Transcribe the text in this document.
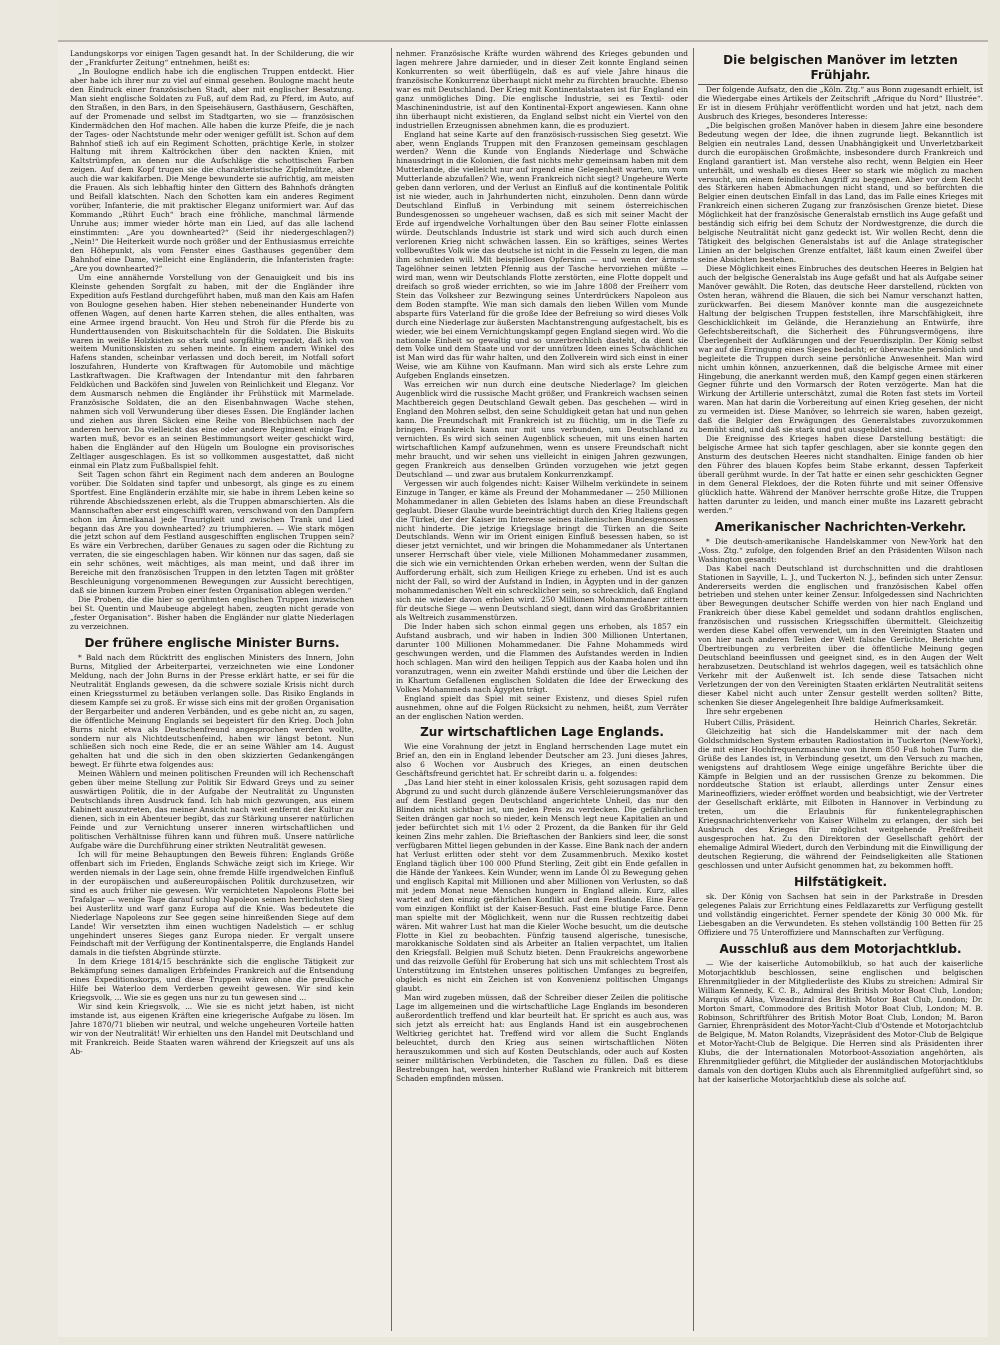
Landungskorps vor einigen Tagen gesandt hat. In der Schilderung, die wir der „Frankfurter Zeitung“ entnehmen, heißt es:

„In Boulogne endlich habe ich die englischen Truppen entdeckt. Hier aber habe ich ihrer nur zu viel auf einmal gesehen. Boulogne macht heute den Eindruck einer französischen Stadt, aber mit englischer Besatzung. Man sieht englische Soldaten zu Fuß, auf dem Rad, zu Pferd, im Auto, auf den Straßen, in den Bars, in den Speisehäusern, Gasthäusern, Geschäften, auf der Promenade und selbst im Stadtgarten, wo sie — französischen Kindermädchen den Hof machen. Alle haben die kurze Pfeife, die je nach der Tages- oder Nachtstunde mehr oder weniger gefüllt ist. Schon auf dem Bahnhof stieß ich auf ein Regiment Schotten, prächtige Kerle, in stolzer Haltung mit ihrem Kaltröckchen über den nackten Knien, mit Kaltstrümpfen, an denen nur die Aufschläge die schottischen Farben zeigen. Auf dem Kopf trugen sie die charakteristische Zipfelmütze, aber auch die war kakifarben. Die Menge bewunderte sie aufrichtig, am meisten die Frauen. Als sich lebhaftig hinter den Gittern des Bahnhofs drängten und Beifall klatschten. Nach den Schotten kam ein anderes Regiment vorüber, Infanterie, die mit praktischer Eleganz uniformiert war. Auf das Kommando „Rührt Euch“ brach eine fröhliche, manchmal lärmende Unruhe aus; immer wieder hörte man ein Lied, auf das alle lachend einstimmten: „Are you downhearted?“ (Seid ihr niedergeschlagen?) „Nein!“ Die Heiterkeit wurde noch größer und der Enthusiasmus erreichte den Höhepunkt, als vom Fenster eines Gasthauses gegenüber dem Bahnhof eine Dame, vielleicht eine Engländerin, die Infanteristen fragte: „Are you downhearted?“

Um eine annähernde Vorstellung von der Genauigkeit und bis ins Kleinste gehenden Sorgfalt zu haben, mit der die Engländer ihre Expedition aufs Festland durchgeführt haben, muß man den Kais am Hafen von Boulogne gesehen haben. Hier stehen nebeneinander Hunderte von offenen Wagen, auf denen harte Karren stehen, die alles enthalten, was eine Armee irgend braucht. Von Heu und Stroh für die Pferde bis zu Hunderttausenden von Biskuitschachteln für die Soldaten. Die Biskuits waren in weiße Holzkisten so stark und sorgfältig verpackt, daß ich von weitem Munitionskisten zu sehen meinte. In einem andern Winkel des Hafens standen, scheinbar verlassen und doch bereit, im Notfall sofort loszufahren, Hunderte von Kraftwagen für Automobile und mächtige Lastkraftwagen. Die Kraftwagen der Intendantur mit den fahrbaren Feldküchen und Backöfen sind Juwelen von Reinlichkeit und Eleganz. Vor dem Ausmarsch nehmen die Engländer ihr Frühstück mit Marmelade. Französische Soldaten, die an den Eisenbahnwagen Wache stehen, nahmen sich voll Verwunderung über dieses Essen. Die Engländer lachen und ziehen aus ihren Säcken eine Reihe von Blechbüchsen nach der anderen hervor. Da vielleicht das eine oder andere Regiment einige Tage warten muß, bevor es an seinen Bestimmungsort weiter geschickt wird, haben die Engländer auf den Hügeln um Boulogne ein provisorisches Zeltlager ausgeschlagen. Es ist so vollkommen ausgestattet, daß nicht einmal ein Platz zum Fußballspiel fehlt.

Seit Tagen schon fährt ein Regiment nach dem anderen an Boulogne vorüber. Die Soldaten sind tapfer und unbesorgt, als ginge es zu einem Sportfest. Eine Engländerin erzählte mir, sie habe in ihrem Leben keine so rührende Abschiedsszenen erlebt, als die Truppen abmarschierten. Als die Mannschaften aber erst eingeschifft waren, verschwand von den Dampfern schon im Ärmelkanal jede Traurigkeit und zwischen Trank und Lied begann das Are you downhearted? zu triumphieren. — Wie stark mögen die jetzt schon auf dem Festland ausgeschifften englischen Truppen sein? Es wäre ein Verbrechen, darüber Genaues zu sagen oder die Richtung zu verraten, die sie eingeschlagen haben. Wir können nur das sagen, daß sie ein sehr schönes, weit mächtiges, als man meint, und daß ihrer im Bereiche mit den französischen Truppen in den letzten Tagen mit größter Beschleunigung vorgenommenen Bewegungen zur Aussicht berechtigen, daß sie binnen kurzem Proben einer festen Organisation ablegen werden.“

Die Proben, die die hier so gerühmten englischen Truppen inzwischen bei St. Quentin und Maubeuge abgelegt haben, zeugten nicht gerade von „fester Organisation“. Bisher haben die Engländer nur glatte Niederlagen zu verzeichnen.

Der frühere englische Minister Burns.

* Bald nach dem Rücktritt des englischen Ministers des Innern, John Burns, Mitglied der Arbeiterpartei, verzeichneten wie eine Londoner Meldung, nach der John Burns in der Presse erklärt hatte, er sei für die Neutralität Englands gewesen, da die schwere soziale Krisis nicht durch einen Kriegssturmel zu betäuben verlangen solle. Das Risiko Englands in diesem Kampfe sei zu groß. Er wisse sich eins mit der großen Organisation der Bergarbeiter und anderen Verbänden, und es gebe nicht an, zu sagen, die öffentliche Meinung Englands sei begeistert für den Krieg. Doch John Burns nicht etwa als Deutschenfreund angesprochen werden wollte, sondern nur als Nichtdeutschenfeind, haben wir längst betont. Nun schließen sich noch eine Rede, die er an seine Wähler am 14. August gehalten hat und die sich in den oben skizzierten Gedankengängen bewegt. Er führte etwa folgendes aus:

Meinen Wählern und meinen politischen Freunden will ich Rechenschaft geben über meine Stellung zur Politik Sir Edward Greys und zu seiner auswärtigen Politik, die in der Aufgabe der Neutralität zu Ungunsten Deutschlands ihren Ausdruck fand. Ich hab mich gezwungen, aus einem Kabinett auszutreten, das meiner Ansicht nach weit entfernt der Kultur zu dienen, sich in ein Abenteuer begibt, das zur Stärkung unserer natürlichen Feinde und zur Vernichtung unserer inneren wirtschaftlichen und politischen Verhältnisse führen kann und führen muß. Unsere natürliche Aufgabe wäre die Durchführung einer strikten Neutralität gewesen.

Ich will für meine Behauptungen den Beweis führen: Englands Größe offenbart sich im Frieden, Englands Schwäche zeigt sich im Kriege. Wir werden niemals in der Lage sein, ohne fremde Hilfe irgendwelchen Einfluß in der europäischen und außereuropäischen Politik durchzusetzen, wir sind es auch früher nie gewesen. Wir vernichteten Napoleons Flotte bei Trafalgar — wenige Tage darauf schlug Napoleon seinen herrlichsten Sieg bei Austerlitz und warf ganz Europa auf die Knie. Was bedeutete die Niederlage Napoleons zur See gegen seine hinreißenden Siege auf dem Lande! Wir versetzten ihm einen wuchtigen Nadelstich — er schlug ungehindert unseres Sieges ganz Europa nieder. Er vergalt unsere Feindschaft mit der Verfügung der Kontinentalsperre, die Englands Handel damals in die tiefsten Abgründe stürzte.

In dem Kriege 1814/15 beschränkte sich die englische Tätigkeit zur Bekämpfung seines damaligen Erbfeindes Frankreich auf die Entsendung eines Expeditionskorps, und diese Truppen wären ohne die preußische Hilfe bei Waterloo dem Verderben geweiht gewesen. Wir sind kein Kriegsvolk, ... Wie sie es gegen uns nur zu tun gewesen sind ...

Wir sind kein Kriegsvolk, ... Wie sie es nicht jetzt haben, ist nicht imstande ist, aus eigenen Kräften eine kriegerische Aufgabe zu lösen. Im Jahre 1870/71 blieben wir neutral, und welche ungeheuren Vorteile hatten wir von der Neutralität! Wir erhielten uns den Handel mit Deutschland und mit Frankreich. Beide Staaten waren während der Kriegszeit auf uns als Ab-

nehmer. Französische Kräfte wurden während des Krieges gebunden und lagen mehrere Jahre darnieder, und in dieser Zeit konnte England seinen Konkurrenten so weit überflügeln, daß es auf viele Jahre hinaus die französische Konkurrenz überhaupt nicht mehr zu fürchten brauchte. Ebenso war es mit Deutschland. Der Krieg mit Kontinentalstaaten ist für England ein ganz unmögliches Ding. Die englische Industrie, sei es Textil- oder Maschinenindustrie, ist auf den Kontinental-Export angewiesen. Kann ohne ihn überhaupt nicht existieren, da England selbst nicht ein Viertel von den industriellen Erzeugnissen abnehmen kann, die es produziert.

England hat seine Karte auf den französisch-russischen Sieg gesetzt. Wie aber, wenn Englands Truppen mit den Franzosen gemeinsam geschlagen werden? Wenn die Kunde von Englands Niederlage und Schwäche hinausdringt in die Kolonien, die fast nichts mehr gemeinsam haben mit dem Mutterlande, die vielleicht nur auf irgend eine Gelegenheit warten, um vom Mutterlande abzufallen? Wie, wenn Frankreich nicht siegt? Ungeheure Werte geben dann verloren, und der Verlust an Einfluß auf die kontinentale Politik ist nie wieder, auch in Jahrhunderten nicht, einzuholen. Denn dann würde Deutschland Einfluß in Verbindung mit seinem österreichischen Bundesgenossen so ungeheuer wachsen, daß es sich mit seiner Macht der Erde auf irgendwelche Vorhaltungen über den Bau seiner Flotte einlassen würde. Deutschlands Industrie ist stark und wird sich auch durch einen verlorenen Krieg nicht schwächen lassen. Ein so kräftiges, seines Wertes vollbewußtes Volk wie das deutsche ist nicht in die Fesseln zu legen, die man ihm schmieden will. Mit beispiellosen Opfersinn — und wenn der ärmste Tagelöhner seinen letzten Pfennig aus der Tasche hervorziehen müßte — wird man, wenn wir Deutschlands Flotte zerstörten, eine Flotte doppelt und dreifach so groß wieder errichten, so wie im Jahre 1808 der Freiherr vom Stein das Volksheer zur Bezwingung seines Unterdrückers Napoleon aus dem Boden stampfte. Wie man sich damals den lieben Willen vom Munde absparte fürs Vaterland für die große Idee der Befreiung so wird dieses Volk durch eine Niederlage zur äußersten Machtanstrengung aufgestachelt, bis es wieder, wie bei einem Vernichtungskampf gegen England siegen wird. Wo die nationale Einheit so gewaltig und so unzerbrechlich dasteht, da dient sie dem Volke und dem Staate und vor der unnützen Ideen eines Schwächlichen ist Man wird das für wahr halten, und den Zollverein wird sich einst in einer Weise, wie am Kühne von Kaufmann. Man wird sich als erste Lehre zum Aufgeben Englands einsetzen.

Was erreichen wir nun durch eine deutsche Niederlage? Im gleichen Augenblick wird die russische Macht größer, und Frankreich wachsen seinen Machtbereich gegen Deutschland Gewalt geben. Das geschehen — wird in England den Mohren selbst, den seine Schuldigkeit getan hat und nun gehen kann. Die Freundschaft mit Frankreich ist zu flüchtig, um in die Tiefe zu bringen. Frankreich kann nur mit uns verbunden, um Deutschland zu vernichten. Es wird sich seinen Augenblick scheuen, mit uns einen harten wirtschaftlichen Kampf aufzunehmen, wenn es unsere Freundschaft nicht mehr braucht, und wir sehen uns vielleicht in einigen Jahren gezwungen, gegen Frankreich aus denselben Gründen vorzugehen wie jetzt gegen Deutschland — und zwar aus brutalem Konkurrenzkampf.

Vergessen wir auch folgendes nicht: Kaiser Wilhelm verkündete in seinem Einzuge in Tanger, er käme als Freund der Mohammedaner — 250 Millionen Mohammedaner in allen Gebieten des Islams haben an diese Freundschaft geglaubt. Dieser Glaube wurde beeinträchtigt durch den Krieg Italiens gegen die Türkei, der der Kaiser im Interesse seines italienischen Bundesgenossen nicht hinderte. Die jetzige Kriegslage bringt die Türken an die Seite Deutschlands. Wenn wir im Orient einigen Einfluß besessen haben, so ist dieser jetzt vernichtet, und wir bringen die Mohammedaner als Untertanen unserer Herrschaft über viele, viele Millionen Mohammedaner zusammen, die sich wie ein vernichtenden Orkan erheben werden, wenn der Sultan die Aufforderung erhält, sich zum Heiligen Kriege zu erheben. Und ist es auch nicht der Fall, so wird der Aufstand in Indien, in Ägypten und in der ganzen mohammedanischen Welt ein schrecklicher sein, so schrecklich, daß England sich nie wieder davon erholen wird. 250 Millionen Mohammedaner zittern für deutsche Siege — wenn Deutschland siegt, dann wird das Großbritannien als Weltreich zusammenstürzen.

Die Inder haben sich schon einmal gegen uns erhoben, als 1857 ein Aufstand ausbrach, und wir haben in Indien 300 Millionen Untertanen, darunter 100 Millionen Mohammedaner. Die Fahne Mohammeds wird geschwungen werden, und die Flammen des Aufstandes werden in Indien hoch schlagen. Man wird den heiligen Teppich aus der Kaaba holen und ihn voranzutragen, wenn ein zweiter Mahdi erstünde und über die Leichen der in Khartum Gefallenen englischen Soldaten die Idee der Erweckung des Volkes Mohammeds nach Ägypten trägt.

England spielt das Spiel mit seiner Existenz, und dieses Spiel rufen ausnehmen, ohne auf die Folgen Rücksicht zu nehmen, heißt, zum Verräter an der englischen Nation werden.

Zur wirtschaftlichen Lage Englands.

Wie eine Vorahnung der jetzt in England herrschenden Lage mutet ein Brief an, den ein in England lebender Deutscher am 23. Juni dieses Jahres, also 6 Wochen vor Ausbruch des Krieges, an einen deutschen Geschäftsfreund gerichtet hat. Er schreibt darin u. a. folgendes:

„Das Land hier steht in einer kolossalen Krisis, geht sozusagen rapid dem Abgrund zu und sucht durch glänzende äußere Verschleierungsmanöver das auf dem Festland gegen Deutschland angerichtete Unheil, das nur den Blinden nicht sichtbar ist, um jeden Preis zu verdecken. Die gefährlichen Seiten drängen gar noch so nieder, kein Mensch legt neue Kapitalien an und jeder befürchtet sich mit 1½ oder 2 Prozent, da die Banken für ihr Geld keinen Zins mehr zahlen. Die Brieftaschen der Bankiers sind leer, die sonst verfügbaren Mittel liegen gebunden in der Kasse. Eine Bank nach der andern hat Verlust erlitten oder steht vor dem Zusammenbruch. Mexiko kostet England täglich über 100 000 Pfund Sterling, Zeit gibt ein Ende gefallen in die Hände der Yankees. Kein Wunder, wenn im Lande Öl zu Bewegung gehen und englisch Kapital mit Millionen und aber Millionen von Verlusten, so daß mit jedem Monat neue Menschen hungern in England allein. Kurz, alles wartet auf den einzig gefährlichen Konflikt auf dem Festlande. Eine Farce vom einzigen Konflikt ist der Kaiser-Besuch. Fast eine blutige Farce. Denn man spielte mit der Möglichkeit, wenn nur die Russen rechtzeitig dabei wären. Mit wahrer Lust hat man die Kieler Woche besucht, um die deutsche Flotte in Kiel zu beobachten. Fünfzig tausend algerische, tunesische, marokkanische Soldaten sind als Arbeiter an Italien verpachtet, um Italien den Kriegsfall. Belgien muß Schutz bieten. Denn Fraukreichs angeworbene und das reizvolle Gefühl für Eroberung hat sich uns mit schlechtem Trost als Unterstützung im Entstehen unseres politischen Umfanges zu begreifen, obgleich es nicht ein Zeichen ist von Konvenienz politischen Umgangs glaubt.

Man wird zugeben müssen, daß der Schreiber dieser Zeilen die politische Lage im allgemeinen und die wirtschaftliche Lage Englands im besonderen außerordentlich treffend und klar beurteilt hat. Er spricht es auch aus, was sich jetzt als erreicht hat: aus Englands Hand ist ein ausgebrochenen Weltkrieg gerichtet hat. Treffend wird vor allem die Sucht Englands beleuchtet, durch den Krieg aus seinen wirtschaftlichen Nöten herauszukommen und sich auf Kosten Deutschlands, oder auch auf Kosten seiner militärischen Verbündeten, die Taschen zu füllen. Daß es diese Bestrebungen hat, werden hinterher Rußland wie Frankreich mit bitterem Schaden empfinden müssen.

Die belgischen Manöver im letzten Frühjahr.

Der folgende Aufsatz, den die „Köln. Ztg.“ aus Bonn zugesandt erhielt, ist die Wiedergabe eines Artikels der Zeitschrift „Afrique du Nord“ Illustrée“. Er ist in diesem Frühjahr veröffentlicht worden und hat jetzt, nach dem Ausbruch des Krieges, besonderes Interesse:

„Die belgischen großen Manöver haben in diesem Jahre eine besondere Bedeutung wegen der Idee, die ihnen zugrunde liegt. Bekanntlich ist Belgien ein neutrales Land, dessen Unabhängigkeit und Unverletzbarkeit durch die europäischen Großmächte, insbesondere durch Frankreich und England garantiert ist. Man verstehe also recht, wenn Belgien ein Heer unterhält, und weshalb es dieses Heer so stark wie möglich zu machen versucht, um einem feindlichen Angriff zu begegnen. Aber vor dem Recht des Stärkeren haben Abmachungen nicht stand, und so befürchten die Belgier einen deutschen Einfall in das Land, das im Falle eines Krieges mit Frankreich einen sicheren Zugang zur französischen Grenze bietet. Diese Möglichkeit hat der französische Generalstab ernstlich ins Auge gefaßt und beständig sich eifrig bei dem Schutz der Nordwestgrenze, die durch die belgische Neutralität nicht ganz gedeckt ist. Wir wollen Recht, denn die Tätigkeit des belgischen Generalstabs ist auf die Anlage strategischer Linien an der belgischen Grenze entfaltet, läßt kaum einen Zweifel über seine Absichten bestehen.

Diese Möglichkeit eines Einbruches des deutschen Heeres in Belgien hat auch der belgische Generalstab ins Auge gefaßt und hat als Aufgabe seiner Manöver gewählt. Die Roten, das deutsche Heer darstellend, rückten von Osten heran, während die Blauen, die sich bei Namur verschanzt hatten, zurückwarfen. Bei diesem Manöver konnte man die ausgezeichnete Haltung der belgischen Truppen feststellen, ihre Marschfähigkeit, ihre Geschicklichkeit im Gelände, die Heranziehung an Entwürfe, ihre Gefechtsbereitschaft, die Sicherheit des Führungsvermögens, ihre Überlegenheit der Aufklärungen und der Feuerdisziplin. Der König selbst war auf die Erringung eines Sieges bedacht; er überwachte persönlich und begleitete die Truppen durch seine persönliche Anwesenheit. Man wird nicht umhin können, anzuerkennen, daß die belgische Armee mit einer Hingebung, die anerkannt werden muß, den Kampf gegen einen stärkeren Gegner führte und den Vormarsch der Roten verzögerte. Man hat die Wirkung der Artillerie unterschätzt, zumal die Roten fast stets im Vorteil waren. Man hat darin die Vorbereitung auf einen Krieg gesehen, der nicht zu vermeiden ist. Diese Manöver, so lehrreich sie waren, haben gezeigt, daß die Belgier den Erwägungen des Generalstabes zuvorzukommen bemüht sind, und daß sie stark und gut ausgebildet sind.

Die Ereignisse des Krieges haben diese Darstellung bestätigt: die belgische Armee hat sich tapfer geschlagen, aber sie konnte gegen den Ansturm des deutschen Heeres nicht standhalten. Einige fanden ob hier den Führer des blauen Kopfes beim Stabe erkannt, dessen Tapferkeit überall gerühmt wurde. In der Tat hatte er einen sehr geschickten Gegner in dem General Flekdoes, der die Roten führte und mit seiner Offensive glücklich hatte. Während der Manöver herrschte große Hitze, die Truppen hatten darunter zu leiden, und manch einer mußte ins Lazarett gebracht werden.“

Amerikanischer Nachrichten-Verkehr.

* Die deutsch-amerikanische Handelskammer von New-York hat den „Voss. Ztg.“ zufolge, den folgenden Brief an den Präsidenten Wilson nach Washington gesandt:

Das Kabel nach Deutschland ist durchschnitten und die drahtlosen Stationen in Sayville, L. J., und Tuckerton N. J., befinden sich unter Zensur. Andererseits werden die englischen und französischen Kabel offen betrieben und stehen unter keiner Zensur. Infolgedessen sind Nachrichten über Bewegungen deutscher Schiffe werden von hier nach England und Frankreich über diese Kabel gemeldet und sodann drahtlos englischen, französischen und russischen Kriegsschiffen übermittelt. Gleichzeitig werden diese Kabel offen verwendet, um in den Vereinigten Staaten und von hier nach anderen Teilen der Welt falsche Gerüchte, Berichte und Übertreibungen zu verbreiten über die öffentliche Meinung gegen Deutschland beeinflussen und geeignet sind, es in den Augen der Welt herabzusetzen. Deutschland ist wehrlos dagegen, weil es tatsächlich ohne Verkehr mit der Außenwelt ist. Ich sende diese Tatsachen nicht Verletzungen der von den Vereinigten Staaten erklärten Neutralität seitens dieser Kabel nicht auch unter Zensur gestellt werden sollten? Bitte, schenken Sie dieser Angelegenheit Ihre baldige Aufmerksamkeit.

Ihre sehr ergebenen

Hubert Cillis, Präsident.	Heinrich Charles, Sekretär.

Gleichzeitig hat sich die Handelskammer mit der nach dem Goldschmidschen System erbauten Radiostation in Tuckerton (New-York), die mit einer Hochfrequenzmaschine von ihrem 850 Fuß hohen Turm die Grüße des Landes ist, in Verbindung gesetzt, um den Versuch zu machen, wenigstens auf drahtlosem Wege einige ungefähre Berichte über die Kämpfe in Belgien und an der russischen Grenze zu bekommen. Die norddeutsche Station ist erlaubt, allerdings unter Zensur eines Marineoffiziers, wieder eröffnet worden und beabsichtigt, wie der Vertreter der Gesellschaft erklärte, mit Eilboten in Hannover in Verbindung zu treten, um die Erlaubnis für funkentelegraphischen Kriegsnachrichtenverkehr von Kaiser Wilhelm zu erlangen, der sich bei Ausbruch des Krieges für möglichst weitgehende Preßfreiheit ausgesprochen hat. Zu den Direktoren der Gesellschaft gehört der ehemalige Admiral Wiedert, durch den Verbindung mit die Einwilligung der deutschen Regierung, die während der Feindseligkeiten alle Stationen geschlossen und unter Aufsicht genommen hat, zu bekommen hofft.

Hilfstätigkeit.

sk. Der König von Sachsen hat sein in der Parkstraße in Dresden gelegenes Palais zur Errichtung eines Feldlazaretts zur Verfügung gestellt und vollständig eingerichtet. Ferner spendete der König 30 000 Mk. für Liebesgaben an die Verwundeten. Es stehen vollständig 100 Betten für 25 Offiziere und 75 Unteroffiziere und Mannschaften zur Verfügung.

Ausschluß aus dem Motorjachtklub.

— Wie der kaiserliche Automobilklub, so hat auch der kaiserliche Motorjachtklub beschlossen, seine englischen und belgischen Ehrenmitglieder in der Mitgliederliste des Klubs zu streichen: Admiral Sir William Kennedy, K. C. B., Admiral des British Motor Boat Club, London; Marquis of Ailsa, Vizeadmiral des British Motor Boat Club, London; Dr. Morton Smart, Commodore des British Motor Boat Club, London; M. B. Robinson, Schriftführer des British Motor Boat Club, London; M. Baron Garnier, Ehrenpräsident des Motor-Yacht-Club d'Ostende et Motorjachtclub de Belgique, M. Maton Rolandts, Vizepräsident des Motor-Club de Belgique et Motor-Yacht-Club de Belgique. Die Herren sind als Präsidenten ihrer Klubs, die der Internationalen Motorboot-Assoziation angehörten, als Ehrenmitglieder geführt, die Mitglieder der ausländischen Motorjachtklubs damals von den dortigen Klubs auch als Ehrenmitglied aufgeführt sind, so hat der kaiserliche Motorjachtklub diese als solche auf.
